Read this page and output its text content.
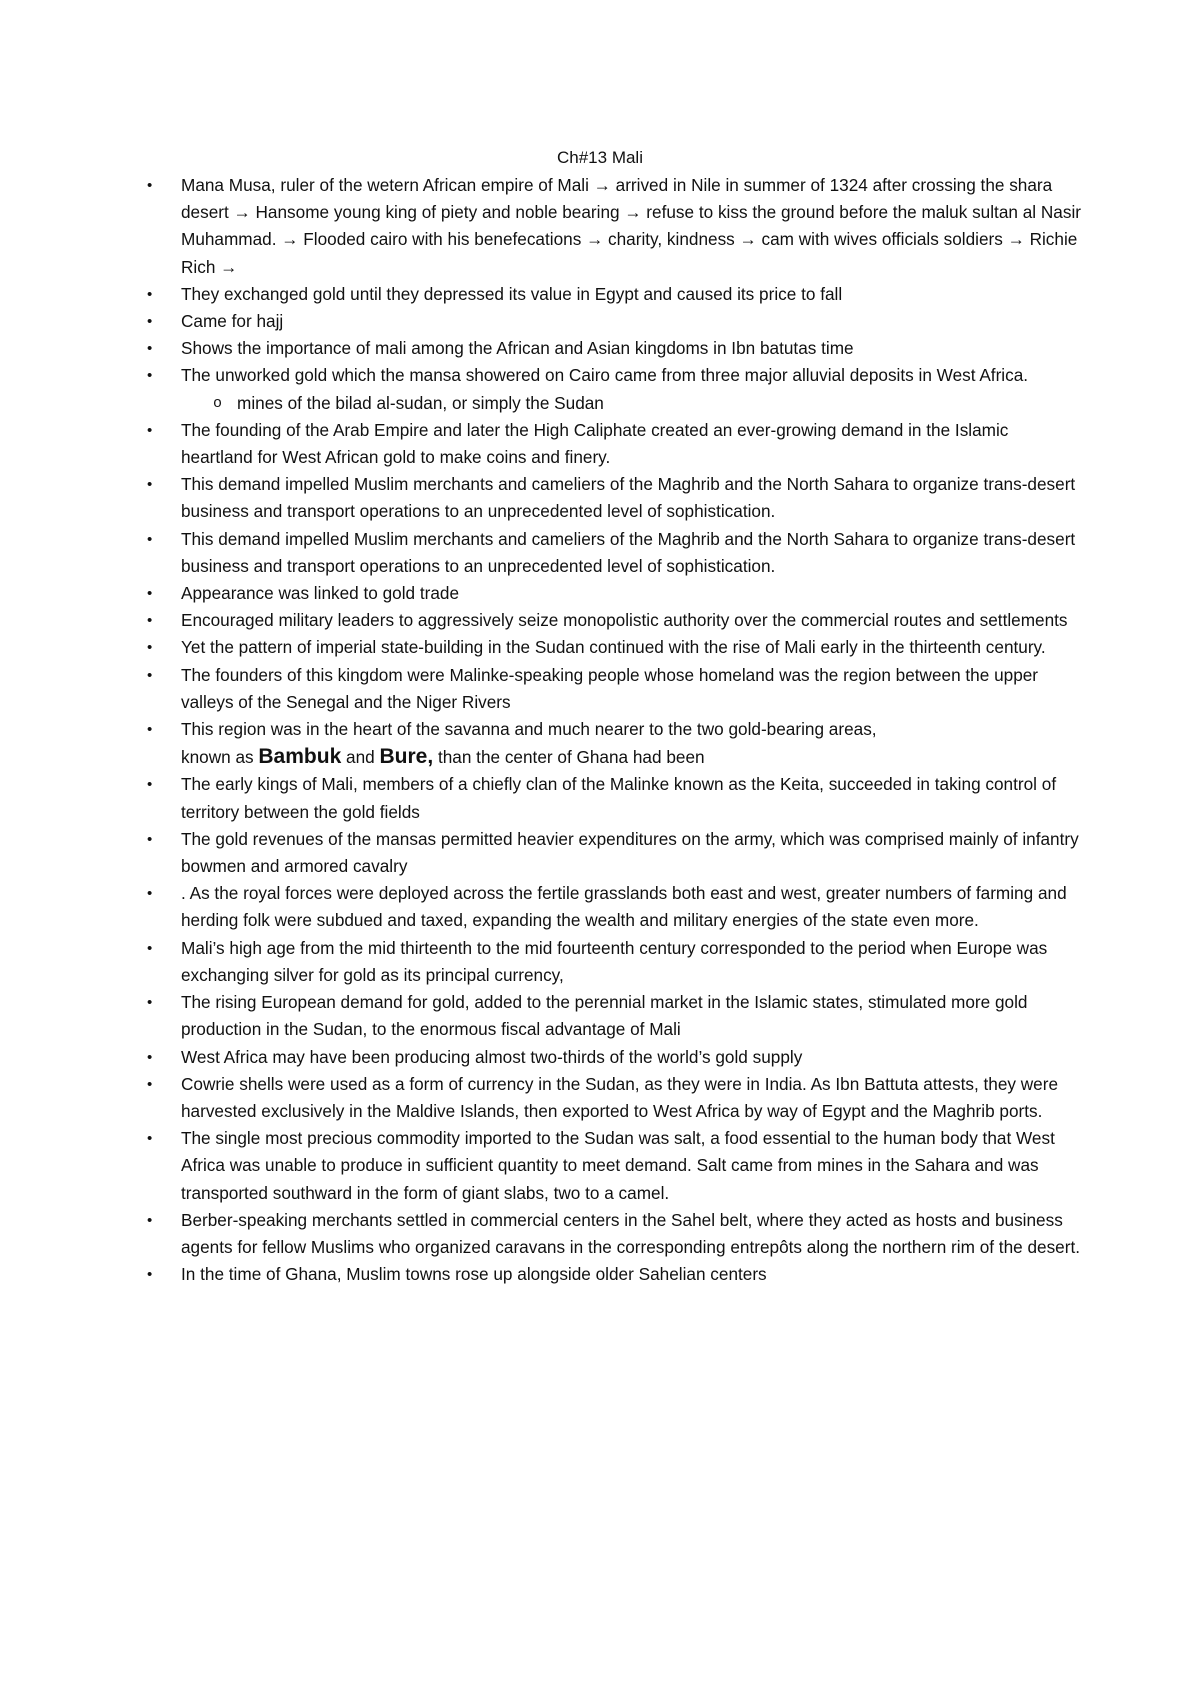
Ch#13 Mali
• Mana Musa, ruler of the wetern African empire of Mali → arrived in Nile in summer of 1324 after crossing the shara desert → Hansome young king of piety and noble bearing → refuse to kiss the ground before the maluk sultan al Nasir Muhammad. → Flooded cairo with his benefecations → charity, kindness → cam with wives officials soldiers → Richie Rich →
• They exchanged gold until they depressed its value in Egypt and caused its price to fall
• Came for hajj
• Shows the importance of mali among the African and Asian kingdoms in Ibn batutas time
• The unworked gold which the mansa showered on Cairo came from three major alluvial deposits in West Africa.
o mines of the bilad al-sudan, or simply the Sudan
• The founding of the Arab Empire and later the High Caliphate created an ever-growing demand in the Islamic heartland for West African gold to make coins and finery.
• This demand impelled Muslim merchants and cameliers of the Maghrib and the North Sahara to organize trans-desert business and transport operations to an unprecedented level of sophistication.
• This demand impelled Muslim merchants and cameliers of the Maghrib and the North Sahara to organize trans-desert business and transport operations to an unprecedented level of sophistication.
• Appearance was linked to gold trade
• Encouraged military leaders to aggressively seize monopolistic authority over the commercial routes and settlements
• Yet the pattern of imperial state-building in the Sudan continued with the rise of Mali early in the thirteenth century.
• The founders of this kingdom were Malinke-speaking people whose homeland was the region between the upper valleys of the Senegal and the Niger Rivers
• This region was in the heart of the savanna and much nearer to the two gold-bearing areas,
known as Bambuk and Bure, than the center of Ghana had been
• The early kings of Mali, members of a chiefly clan of the Malinke known as the Keita, succeeded in taking control of territory between the gold fields
• The gold revenues of the mansas permitted heavier expenditures on the army, which was comprised mainly of infantry bowmen and armored cavalry
• . As the royal forces were deployed across the fertile grasslands both east and west, greater numbers of farming and herding folk were subdued and taxed, expanding the wealth and military energies of the state even more.
• Mali’s high age from the mid thirteenth to the mid fourteenth century corresponded to the period when Europe was exchanging silver for gold as its principal currency,
• The rising European demand for gold, added to the perennial market in the Islamic states, stimulated more gold production in the Sudan, to the enormous fiscal advantage of Mali
• West Africa may have been producing almost two-thirds of the world’s gold supply
• Cowrie shells were used as a form of currency in the Sudan, as they were in India. As Ibn Battuta attests, they were harvested exclusively in the Maldive Islands, then exported to West Africa by way of Egypt and the Maghrib ports.
• The single most precious commodity imported to the Sudan was salt, a food essential to the human body that West Africa was unable to produce in sufficient quantity to meet demand. Salt came from mines in the Sahara and was transported southward in the form of giant slabs, two to a camel.
• Berber-speaking merchants settled in commercial centers in the Sahel belt, where they acted as hosts and business agents for fellow Muslims who organized caravans in the corresponding entrepôts along the northern rim of the desert.
• In the time of Ghana, Muslim towns rose up alongside older Sahelian centers
